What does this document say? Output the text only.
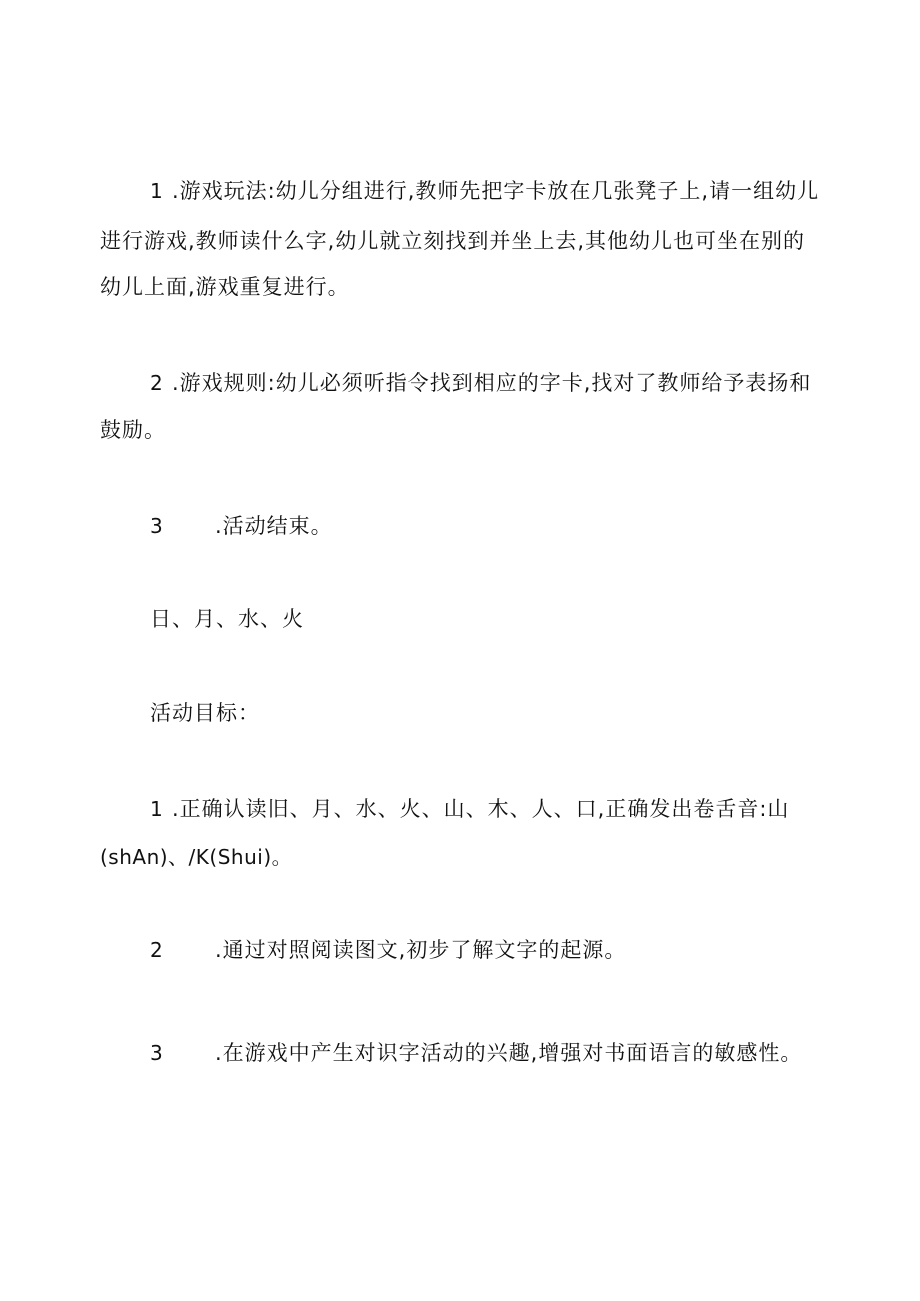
1 .游戏玩法:幼儿分组进行,教师先把字卡放在几张凳子上,请一组幼儿
进行游戏,教师读什么字,幼儿就立刻找到并坐上去,其他幼儿也可坐在别的
幼儿上面,游戏重复进行。
2 .游戏规则:幼儿必须听指令找到相应的字卡,找对了教师给予表扬和
鼓励。
3 .活动结束。
日、月、水、火
活动目标：
1 .正确认读旧、月、水、火、山、木、人、口,正确发出卷舌音:山
(shAn)、/K(Shui)。
2 .通过对照阅读图文,初步了解文字的起源。
3 .在游戏中产生对识字活动的兴趣,增强对书面语言的敏感性。
